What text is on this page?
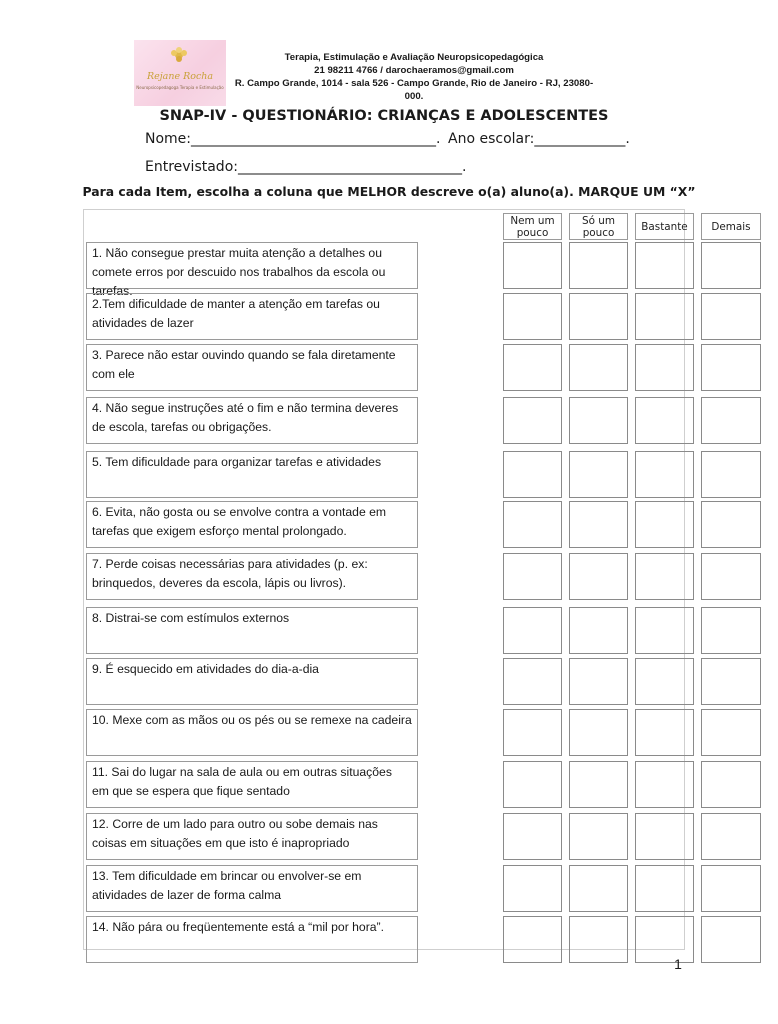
Rejane Rocha
Neuropsicopedagoga Terapia e Estimulação
Terapia, Estimulação e Avaliação Neuropsicopedagógica
21 98211 4766 / darochaeramos@gmail.com
R. Campo Grande, 1014 - sala 526 - Campo Grande, Rio de Janeiro - RJ, 23080-000.
SNAP-IV - QUESTIONÁRIO: CRIANÇAS E ADOLESCENTES
Nome:___________________________________. Ano escolar:_____________.
Entrevistado:________________________________.
Para cada Item, escolha a coluna que MELHOR descreve o(a) aluno(a). MARQUE UM “X”
Nem um pouco
Só um pouco	Bastante	Demais
1. Não consegue prestar muita atenção a detalhes ou comete erros por descuido nos trabalhos da escola ou tarefas.
2.Tem dificuldade de manter a atenção em tarefas ou atividades de lazer
3. Parece não estar ouvindo quando se fala diretamente com ele
4. Não segue instruções até o fim e não termina deveres de escola, tarefas ou obrigações.
5. Tem dificuldade para organizar tarefas e atividades
6. Evita, não gosta ou se envolve contra a vontade em tarefas que exigem esforço mental prolongado.
7. Perde coisas necessárias para atividades (p. ex: brinquedos, deveres da escola, lápis ou livros).
8. Distrai-se com estímulos externos
9. É esquecido em atividades do dia-a-dia
10. Mexe com as mãos ou os pés ou se remexe na cadeira
11. Sai do lugar na sala de aula ou em outras situações em que se espera que fique sentado
12. Corre de um lado para outro ou sobe demais nas coisas em situações em que isto é inapropriado
13. Tem dificuldade em brincar ou envolver-se em atividades de lazer de forma calma
14. Não pára ou freqüentemente está a “mil por hora”.
1
